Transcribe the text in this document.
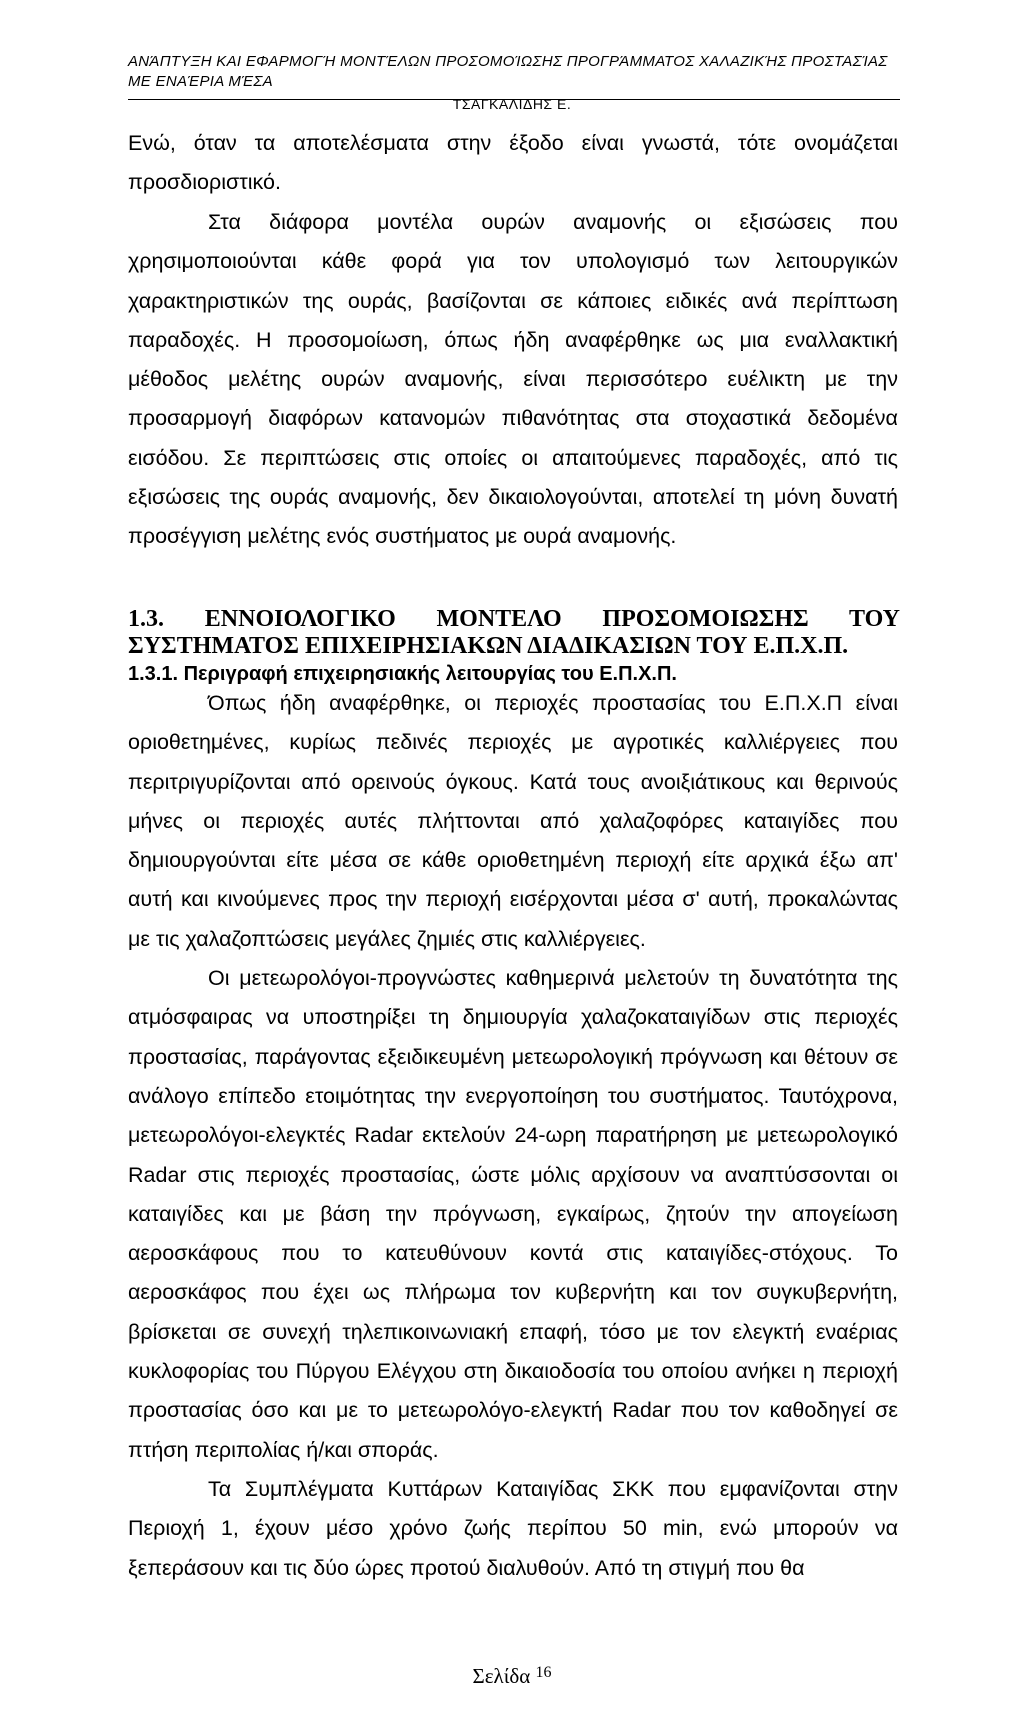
ΑΝΆΠΤΥΞΗ ΚΑΙ ΕΦΑΡΜΟΓΉ ΜΟΝΤΈΛΩΝ ΠΡΟΣΟΜΟΊΩΣΗΣ ΠΡΟΓΡΆΜΜΑΤΟΣ ΧΑΛΑΖΙΚΉΣ ΠΡΟΣΤΑΣΊΑΣ ΜΕ ΕΝΑΈΡΙΑ ΜΈΣΑ
ΤΣΑΓΚΑΛΙΔΗΣ Ε.

Ενώ, όταν τα αποτελέσματα στην έξοδο είναι γνωστά, τότε ονομάζεται προσδιοριστικό.

Στα διάφορα μοντέλα ουρών αναμονής οι εξισώσεις που χρησιμοποιούνται κάθε φορά για τον υπολογισμό των λειτουργικών χαρακτηριστικών της ουράς, βασίζονται σε κάποιες ειδικές ανά περίπτωση παραδοχές. Η προσομοίωση, όπως ήδη αναφέρθηκε ως μια εναλλακτική μέθοδος μελέτης ουρών αναμονής, είναι περισσότερο ευέλικτη με την προσαρμογή διαφόρων κατανομών πιθανότητας στα στοχαστικά δεδομένα εισόδου. Σε περιπτώσεις στις οποίες οι απαιτούμενες παραδοχές, από τις εξισώσεις της ουράς αναμονής, δεν δικαιολογούνται, αποτελεί τη μόνη δυνατή προσέγγιση μελέτης ενός συστήματος με ουρά αναμονής.

1.3. ΕΝΝΟΙΟΛΟΓΙΚΟ ΜΟΝΤΕΛΟ ΠΡΟΣΟΜΟΙΩΣΗΣ ΤΟΥ
ΣΥΣΤΗΜΑΤΟΣ ΕΠΙΧΕΙΡΗΣΙΑΚΩΝ ΔΙΑΔΙΚΑΣΙΩΝ ΤΟΥ Ε.Π.Χ.Π.
1.3.1. Περιγραφή επιχειρησιακής λειτουργίας του Ε.Π.Χ.Π.

Όπως ήδη αναφέρθηκε, οι περιοχές προστασίας του Ε.Π.Χ.Π είναι οριοθετημένες, κυρίως πεδινές περιοχές με αγροτικές καλλιέργειες που περιτριγυρίζονται από ορεινούς όγκους. Κατά τους ανοιξιάτικους και θερινούς μήνες οι περιοχές αυτές πλήττονται από χαλαζοφόρες καταιγίδες που δημιουργούνται είτε μέσα σε κάθε οριοθετημένη περιοχή είτε αρχικά έξω απ' αυτή και κινούμενες προς την περιοχή εισέρχονται μέσα σ' αυτή, προκαλώντας με τις χαλαζοπτώσεις μεγάλες ζημιές στις καλλιέργειες.

Οι μετεωρολόγοι-προγνώστες καθημερινά μελετούν τη δυνατότητα της ατμόσφαιρας να υποστηρίξει τη δημιουργία χαλαζοκαταιγίδων στις περιοχές προστασίας, παράγοντας εξειδικευμένη μετεωρολογική πρόγνωση και θέτουν σε ανάλογο επίπεδο ετοιμότητας την ενεργοποίηση του συστήματος. Ταυτόχρονα, μετεωρολόγοι-ελεγκτές Radar εκτελούν 24-ωρη παρατήρηση με μετεωρολογικό Radar στις περιοχές προστασίας, ώστε μόλις αρχίσουν να αναπτύσσονται οι καταιγίδες και με βάση την πρόγνωση, εγκαίρως, ζητούν την απογείωση αεροσκάφους που το κατευθύνουν κοντά στις καταιγίδες-στόχους. Το αεροσκάφος που έχει ως πλήρωμα τον κυβερνήτη και τον συγκυβερνήτη, βρίσκεται σε συνεχή τηλεπικοινωνιακή επαφή, τόσο με τον ελεγκτή εναέριας κυκλοφορίας του Πύργου Ελέγχου στη δικαιοδοσία του οποίου ανήκει η περιοχή προστασίας όσο και με το μετεωρολόγο-ελεγκτή Radar που τον καθοδηγεί σε πτήση περιπολίας ή/και σποράς.

Τα Συμπλέγματα Κυττάρων Καταιγίδας ΣΚΚ που εμφανίζονται στην Περιοχή 1, έχουν μέσο χρόνο ζωής περίπου 50 min, ενώ μπορούν να ξεπεράσουν και τις δύο ώρες προτού διαλυθούν. Από τη στιγμή που θα

Σελίδα $^{16}$
